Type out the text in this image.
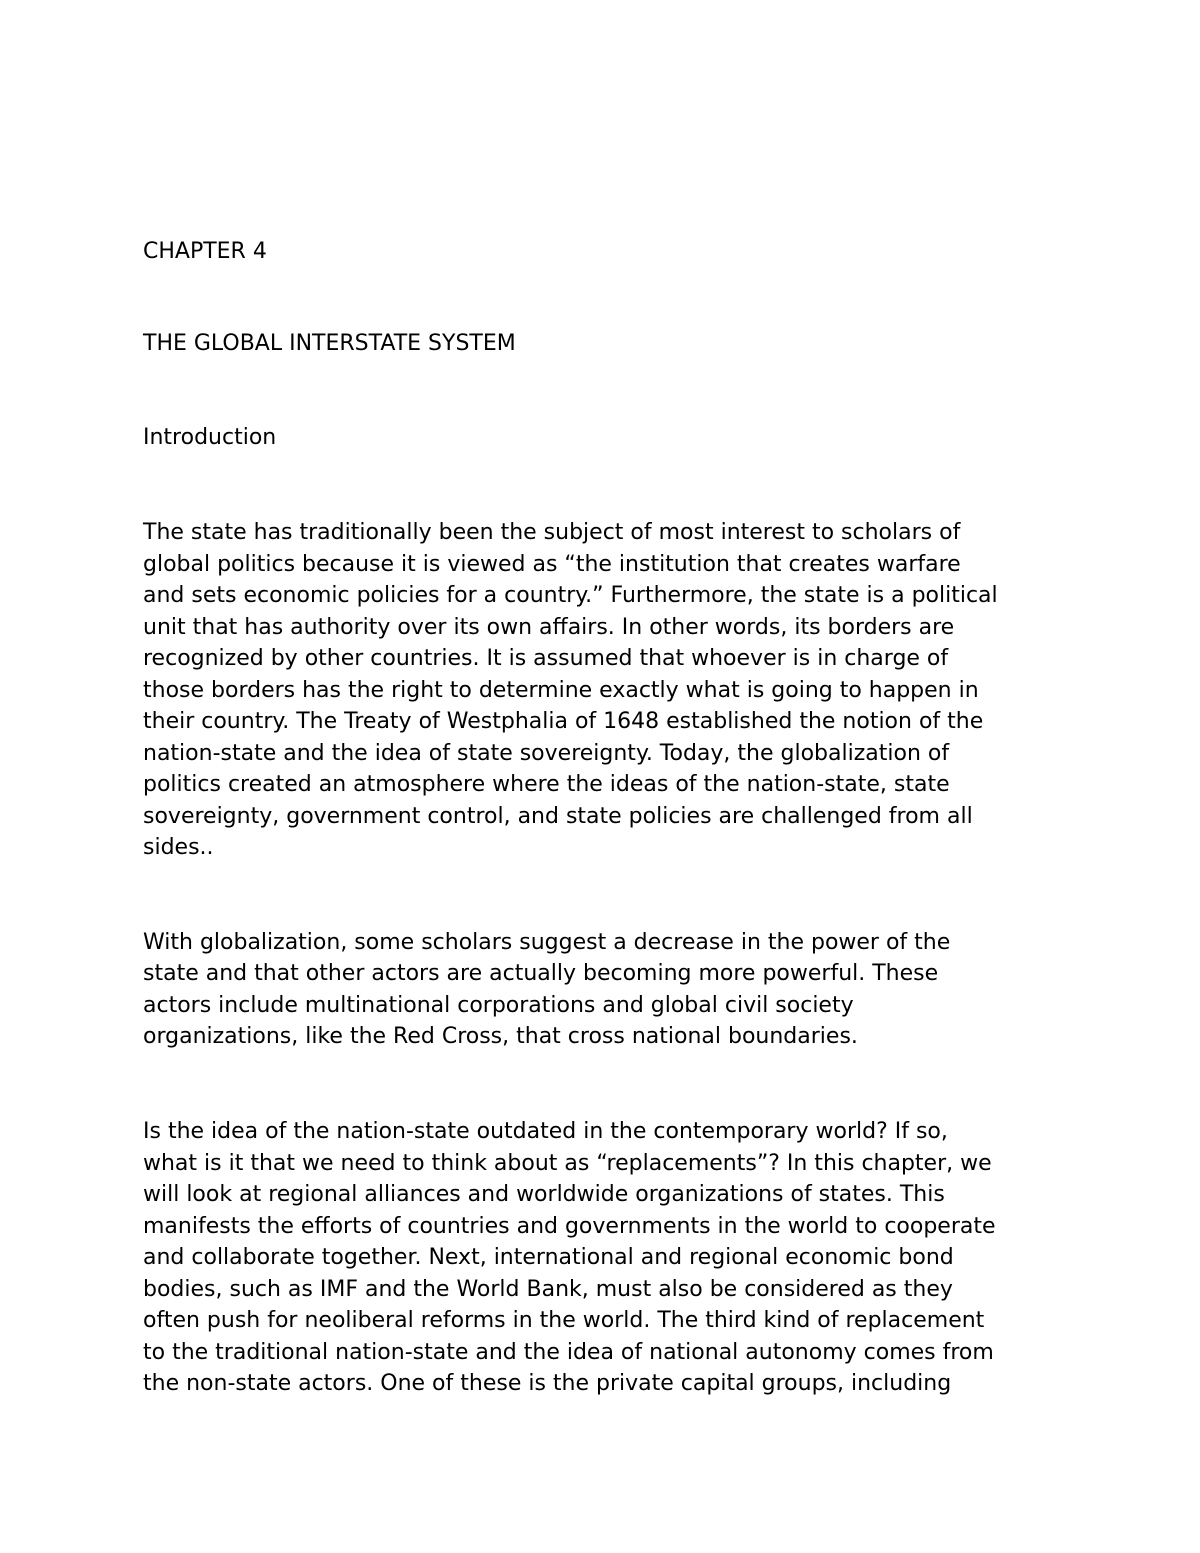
CHAPTER 4

THE GLOBAL INTERSTATE SYSTEM

Introduction

The state has traditionally been the subject of most interest to scholars of

global politics because it is viewed as “the institution that creates warfare

and sets economic policies for a country.” Furthermore, the state is a political

unit that has authority over its own affairs. In other words, its borders are

recognized by other countries. It is assumed that whoever is in charge of

those borders has the right to determine exactly what is going to happen in

their country. The Treaty of Westphalia of 1648 established the notion of the

nation-state and the idea of state sovereignty. Today, the globalization of

politics created an atmosphere where the ideas of the nation-state, state

sovereignty, government control, and state policies are challenged from all

sides..

With globalization, some scholars suggest a decrease in the power of the

state and that other actors are actually becoming more powerful. These

actors include multinational corporations and global civil society

organizations, like the Red Cross, that cross national boundaries.

Is the idea of the nation-state outdated in the contemporary world? If so,

what is it that we need to think about as “replacements”? In this chapter, we

will look at regional alliances and worldwide organizations of states. This

manifests the efforts of countries and governments in the world to cooperate

and collaborate together. Next, international and regional economic bond

bodies, such as IMF and the World Bank, must also be considered as they

often push for neoliberal reforms in the world. The third kind of replacement

to the traditional nation-state and the idea of national autonomy comes from

the non-state actors. One of these is the private capital groups, including
